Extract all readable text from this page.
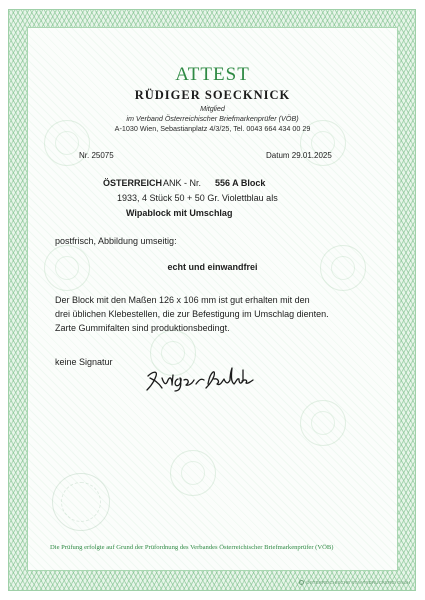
ATTEST
RÜDIGER SOECKNICK
Mitglied
im Verband Österreichischer Briefmarkenprüfer (VÖB)
A-1030 Wien, Sebastianplatz 4/3/25, Tel. 0043 664 434 00 29
Nr. 25075	Datum 29.01.2025
ÖSTERREICH ANK - Nr. 556 A Block
1933, 4 Stück 50 + 50 Gr. Violettblau als
Wipablock mit Umschlag
postfrisch, Abbildung umseitig:
echt und einwandfrei
Der Block mit den Maßen 126 x 106 mm ist gut erhalten mit den
drei üblichen Klebestellen, die zur Befestigung im Umschlag dienten.
Zarte Gummifalten sind produktionsbedingt.
keine Signatur
Die Prüfung erfolgte auf Grund der Prüfordnung des Verbandes Österreichischer Briefmarkenprüfer (VÖB)
ÖSTERREICHISCHE STAATSDRUCKEREI GmbH
